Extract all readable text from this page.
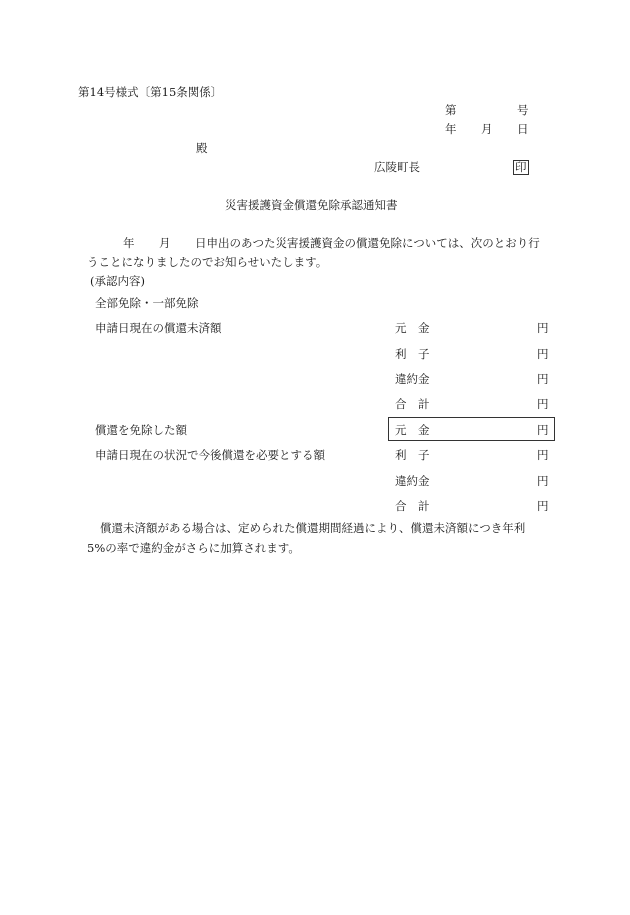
第14号様式〔第15条関係〕
第	号
年 月 日
殿
広陵町長	印
災害援護資金償還免除承認通知書
年 月 日申出のあつた災害援護資金の償還免除については、次のとおり行
うことになりましたのでお知らせいたします。
(承認内容)
全部免除・一部免除
申請日現在の償還未済額	元　金	円
利　子	円
違約金	円
合　計	円
償還を免除した額	元　金	円
申請日現在の状況で今後償還を必要とする額	利　子	円
違約金	円
合　計	円
償還未済額がある場合は、定められた償還期間経過により、償還未済額につき年利
5%の率で違約金がさらに加算されます。
